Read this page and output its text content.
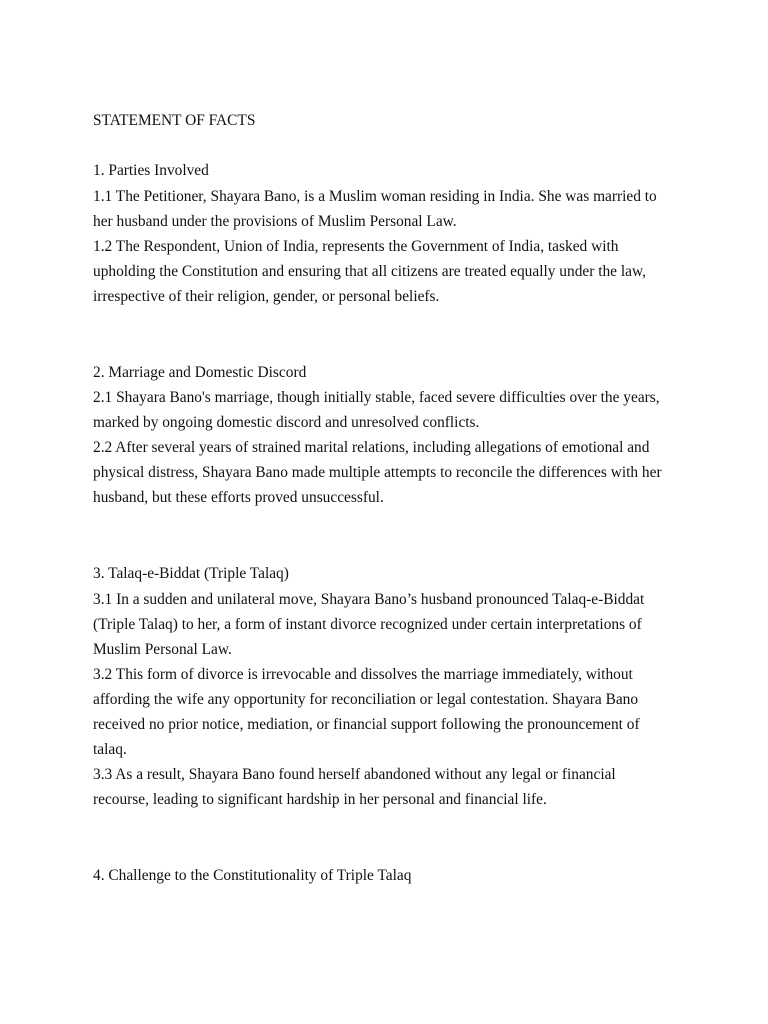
STATEMENT OF FACTS
1. Parties Involved
1.1 The Petitioner, Shayara Bano, is a Muslim woman residing in India. She was married to
her husband under the provisions of Muslim Personal Law.
1.2 The Respondent, Union of India, represents the Government of India, tasked with
upholding the Constitution and ensuring that all citizens are treated equally under the law,
irrespective of their religion, gender, or personal beliefs.
2. Marriage and Domestic Discord
2.1 Shayara Bano's marriage, though initially stable, faced severe difficulties over the years,
marked by ongoing domestic discord and unresolved conflicts.
2.2 After several years of strained marital relations, including allegations of emotional and
physical distress, Shayara Bano made multiple attempts to reconcile the differences with her
husband, but these efforts proved unsuccessful.
3. Talaq-e-Biddat (Triple Talaq)
3.1 In a sudden and unilateral move, Shayara Bano’s husband pronounced Talaq-e-Biddat
(Triple Talaq) to her, a form of instant divorce recognized under certain interpretations of
Muslim Personal Law.
3.2 This form of divorce is irrevocable and dissolves the marriage immediately, without
affording the wife any opportunity for reconciliation or legal contestation. Shayara Bano
received no prior notice, mediation, or financial support following the pronouncement of
talaq.
3.3 As a result, Shayara Bano found herself abandoned without any legal or financial
recourse, leading to significant hardship in her personal and financial life.
4. Challenge to the Constitutionality of Triple Talaq
